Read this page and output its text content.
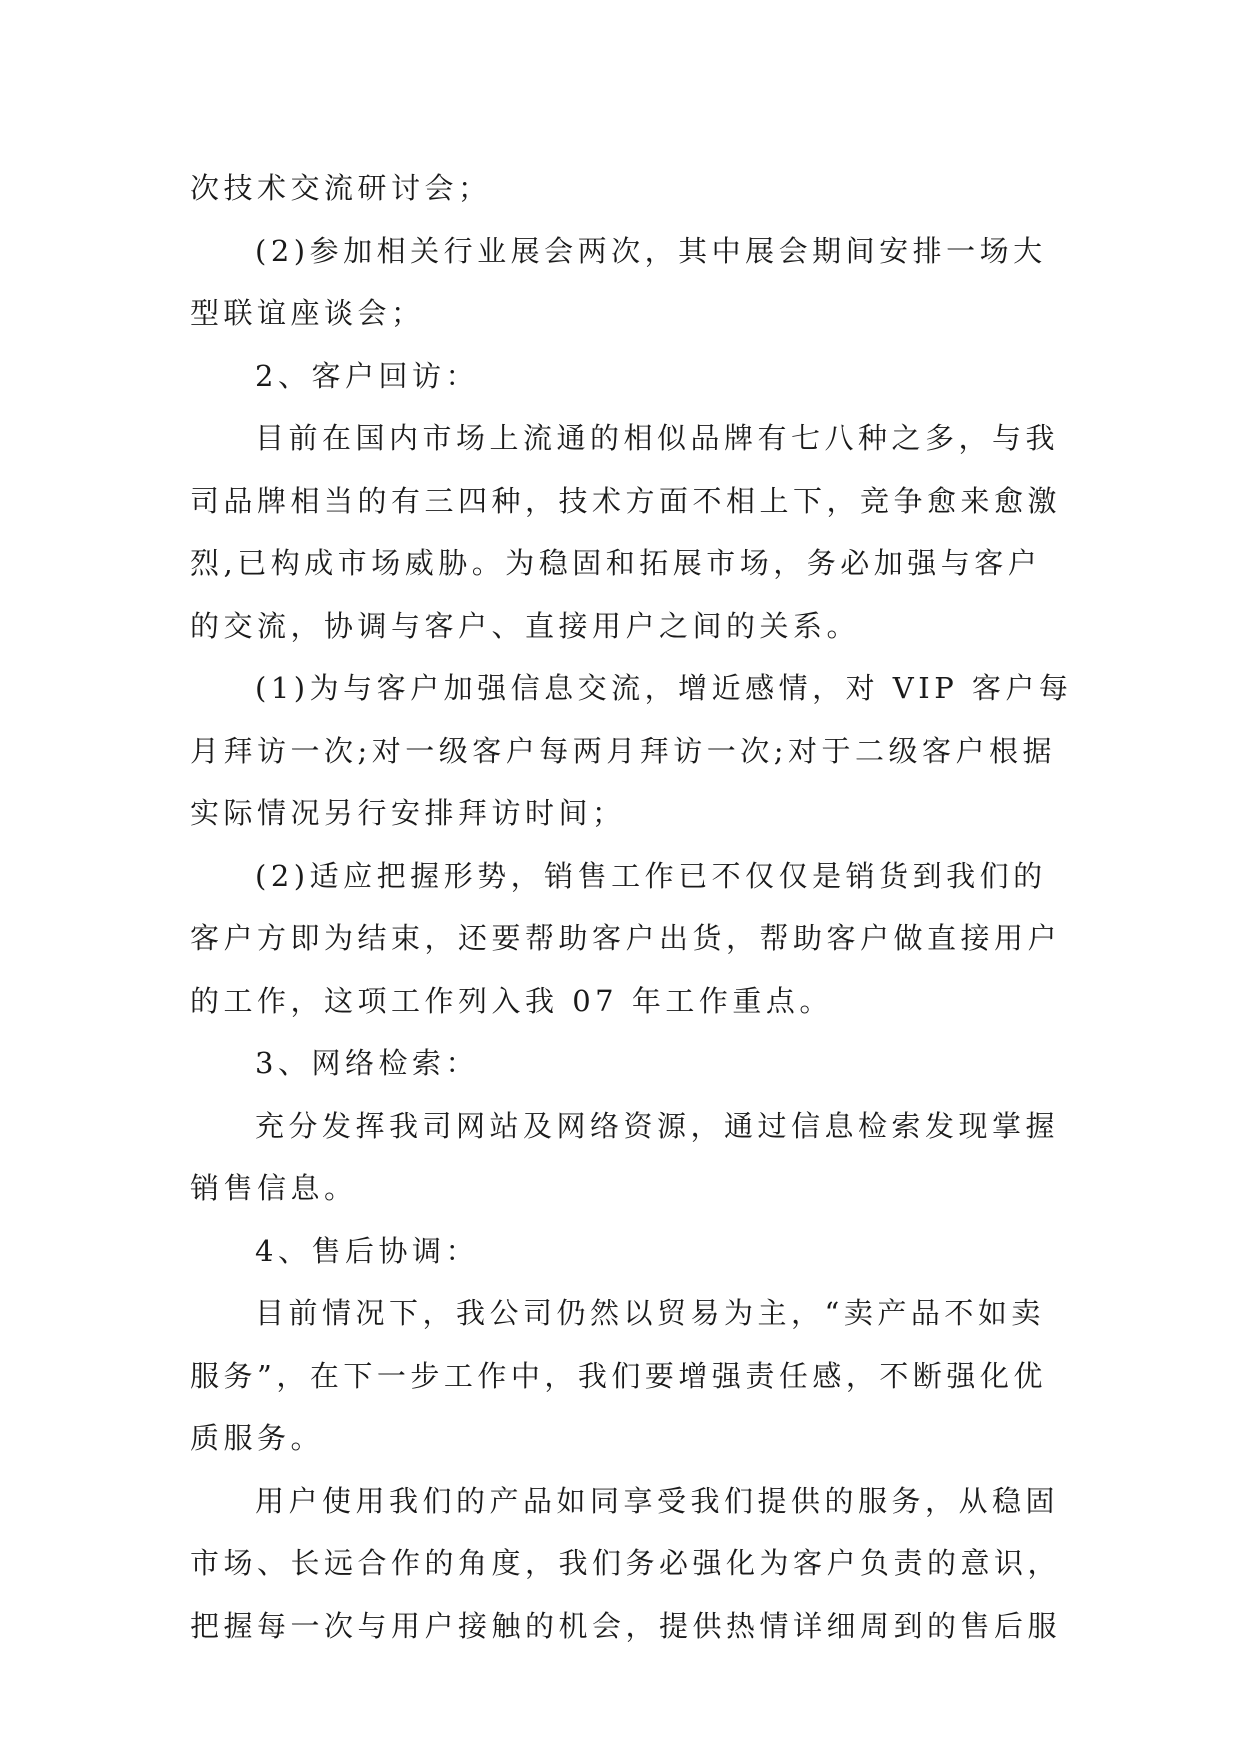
次技术交流研讨会；
(2)参加相关行业展会两次，其中展会期间安排一场大
型联谊座谈会；
2、客户回访：
目前在国内市场上流通的相似品牌有七八种之多，与我
司品牌相当的有三四种，技术方面不相上下，竞争愈来愈激
烈,已构成市场威胁。为稳固和拓展市场，务必加强与客户
的交流，协调与客户、直接用户之间的关系。
(1)为与客户加强信息交流，增近感情，对 VIP 客户每
月拜访一次;对一级客户每两月拜访一次;对于二级客户根据
实际情况另行安排拜访时间；
(2)适应把握形势，销售工作已不仅仅是销货到我们的
客户方即为结束，还要帮助客户出货，帮助客户做直接用户
的工作，这项工作列入我 07 年工作重点。
3、网络检索：
充分发挥我司网站及网络资源，通过信息检索发现掌握
销售信息。
4、售后协调：
目前情况下，我公司仍然以贸易为主，“卖产品不如卖
服务”，在下一步工作中，我们要增强责任感，不断强化优
质服务。
用户使用我们的产品如同享受我们提供的服务，从稳固
市场、长远合作的角度，我们务必强化为客户负责的意识，
把握每一次与用户接触的机会，提供热情详细周到的售后服
